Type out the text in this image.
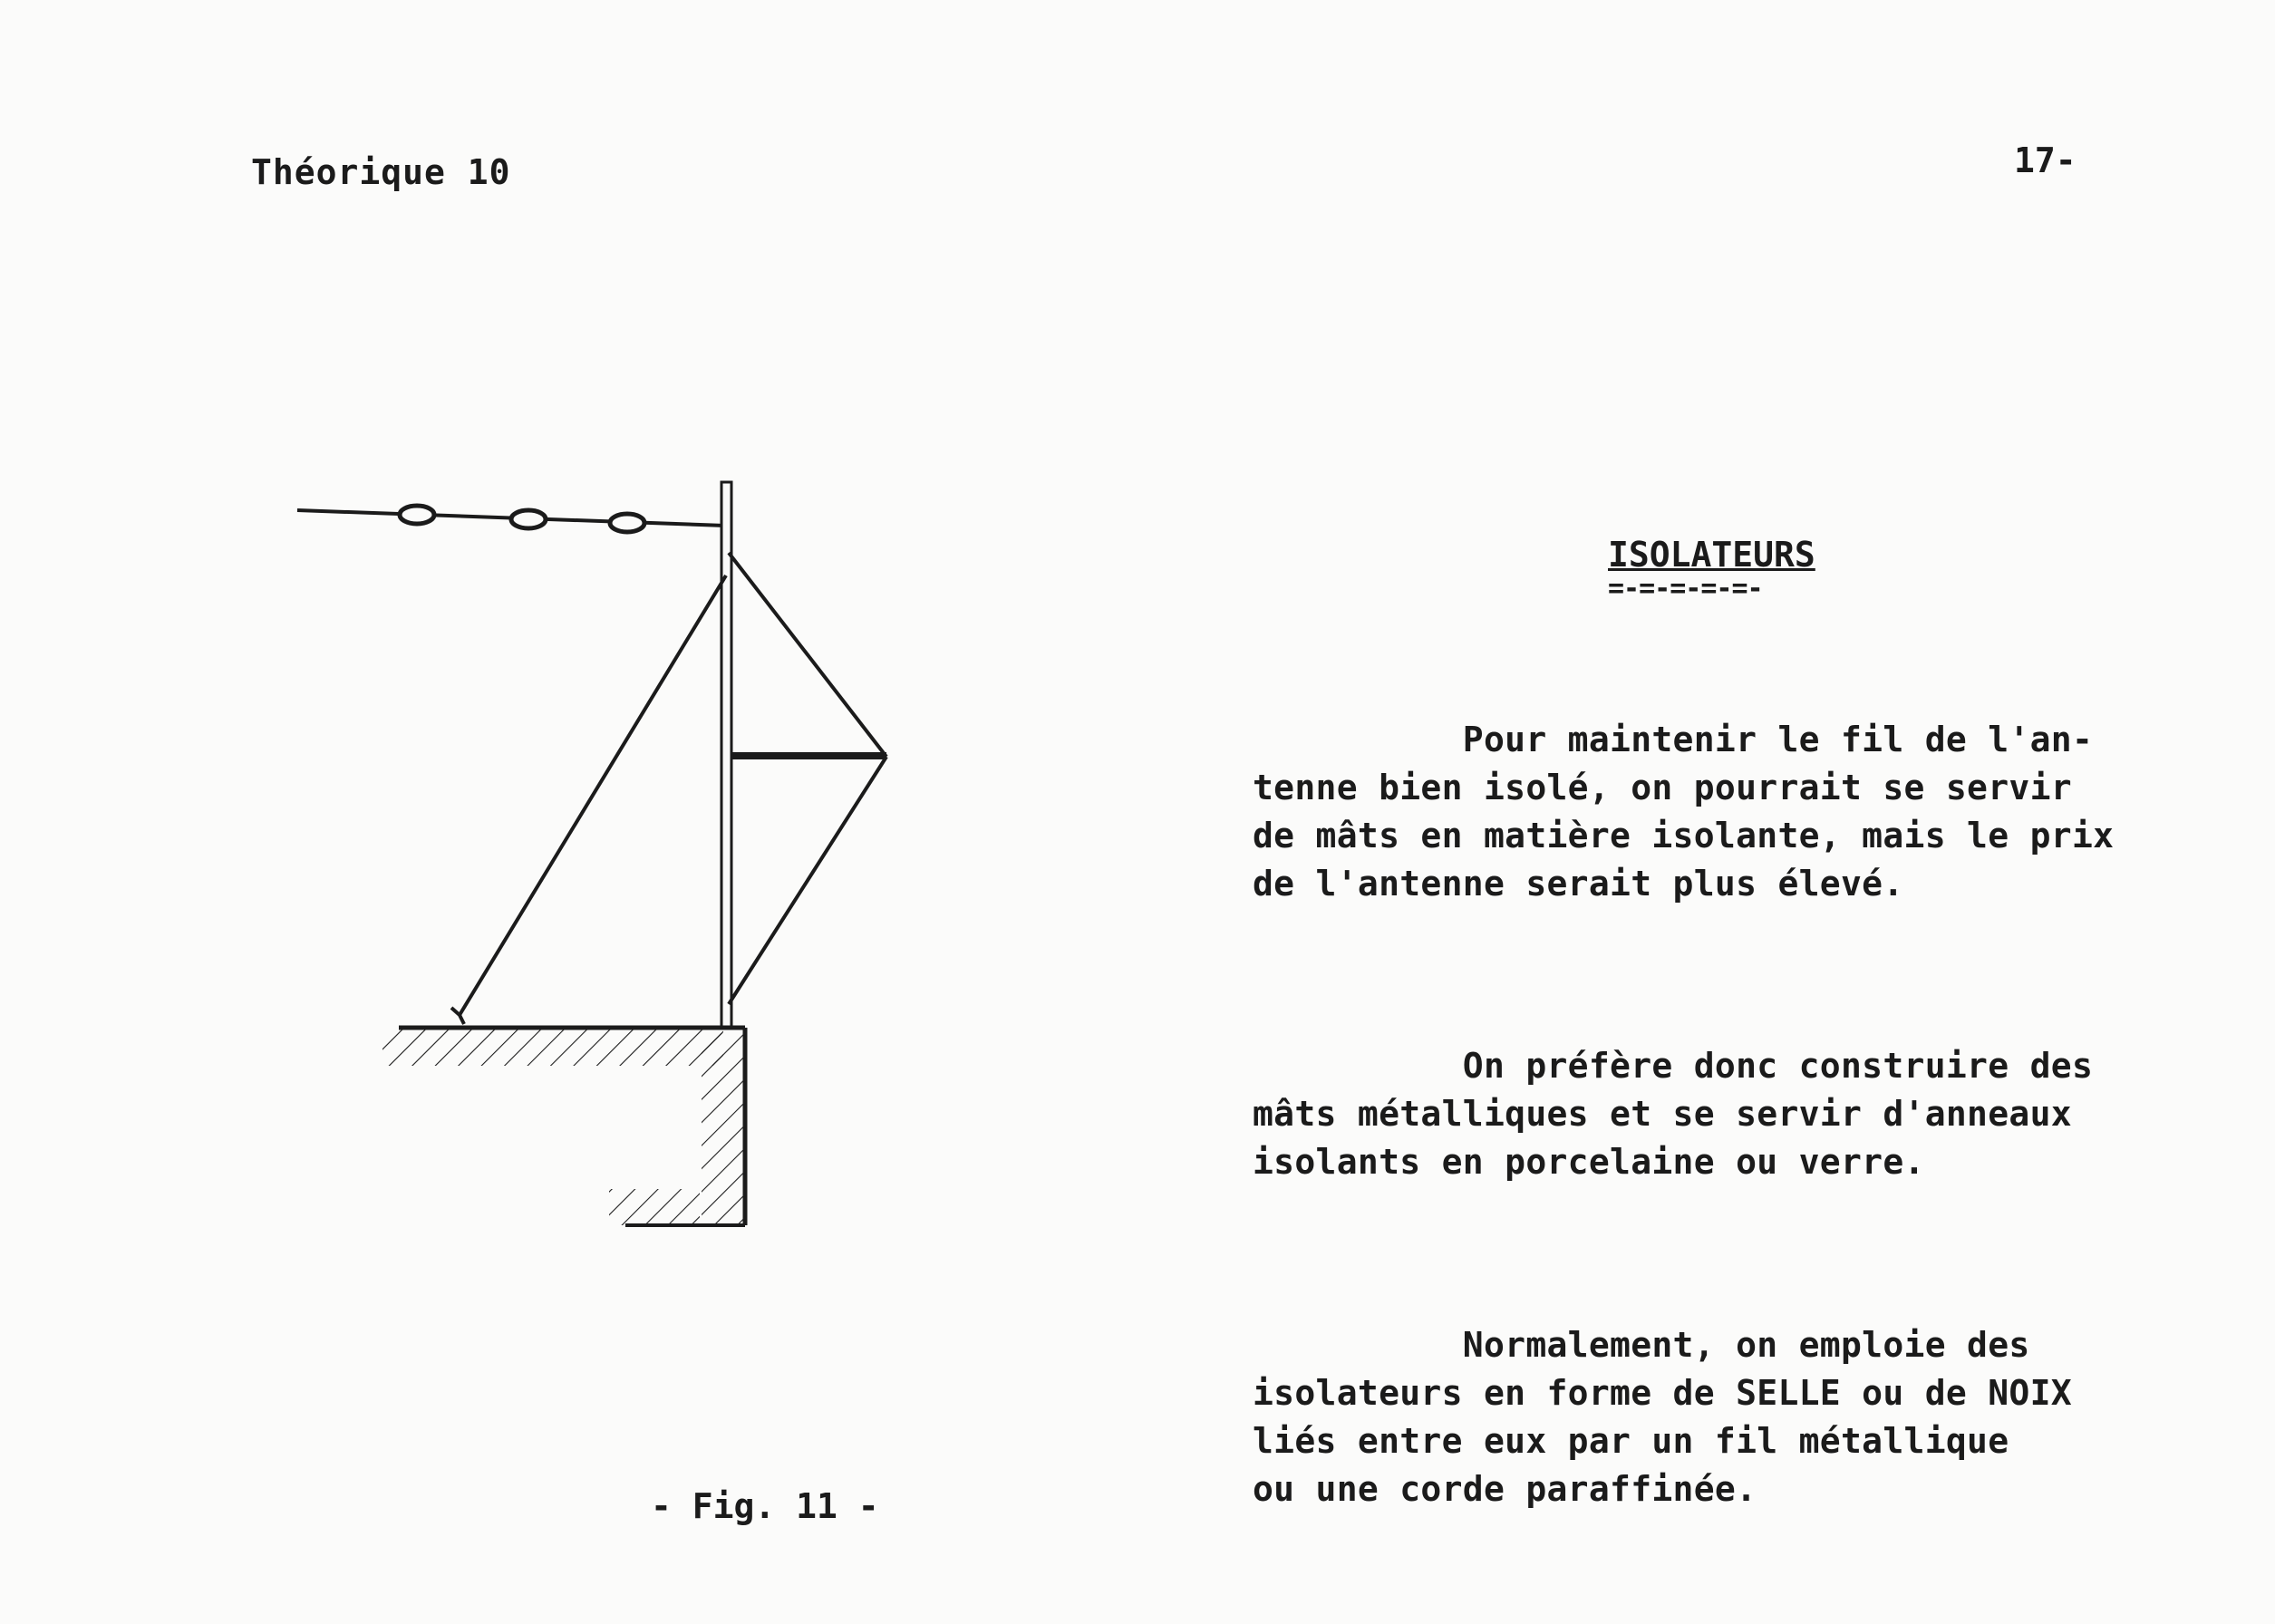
Théorique 10	17-
- Fig. 11 -
ISOLATEURS
=-=-=-=-=-

Pour maintenir le fil de l'an-
tenne bien isolé, on pourrait se servir
de mâts en matière isolante, mais le prix
de l'antenne serait plus élevé.

On préfère donc construire des
mâts métalliques et se servir d'anneaux
isolants en porcelaine ou verre.

Normalement, on emploie des
isolateurs en forme de SELLE ou de NOIX
liés entre eux par un fil métallique
ou une corde paraffinée.
